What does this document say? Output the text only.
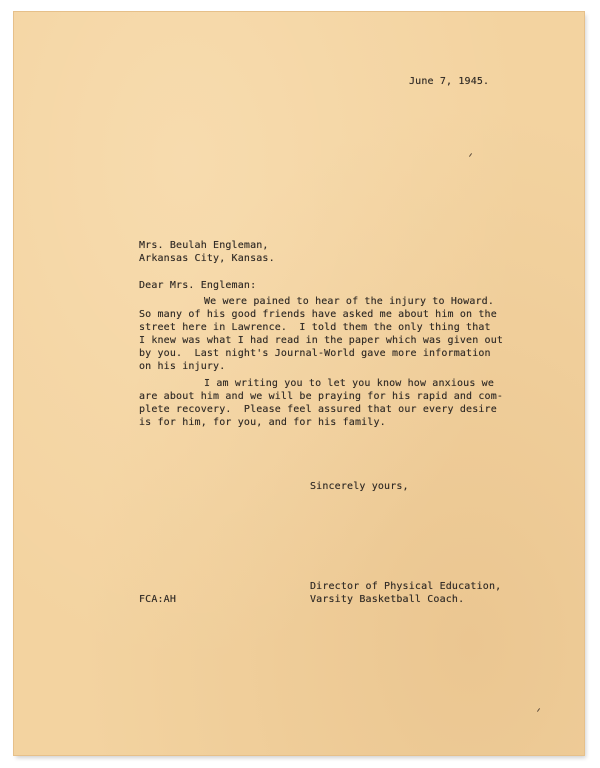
June 7, 1945.
Mrs. Beulah Engleman,
Arkansas City, Kansas.
Dear Mrs. Engleman:
We were pained to hear of the injury to Howard.
So many of his good friends have asked me about him on the
street here in Lawrence.  I told them the only thing that
I knew was what I had read in the paper which was given out
by you.  Last night's Journal-World gave more information
on his injury.
I am writing you to let you know how anxious we
are about him and we will be praying for his rapid and com-
plete recovery.  Please feel assured that our every desire
is for him, for you, and for his family.
Sincerely yours,
Director of Physical Education,
Varsity Basketball Coach.
FCA:AH
